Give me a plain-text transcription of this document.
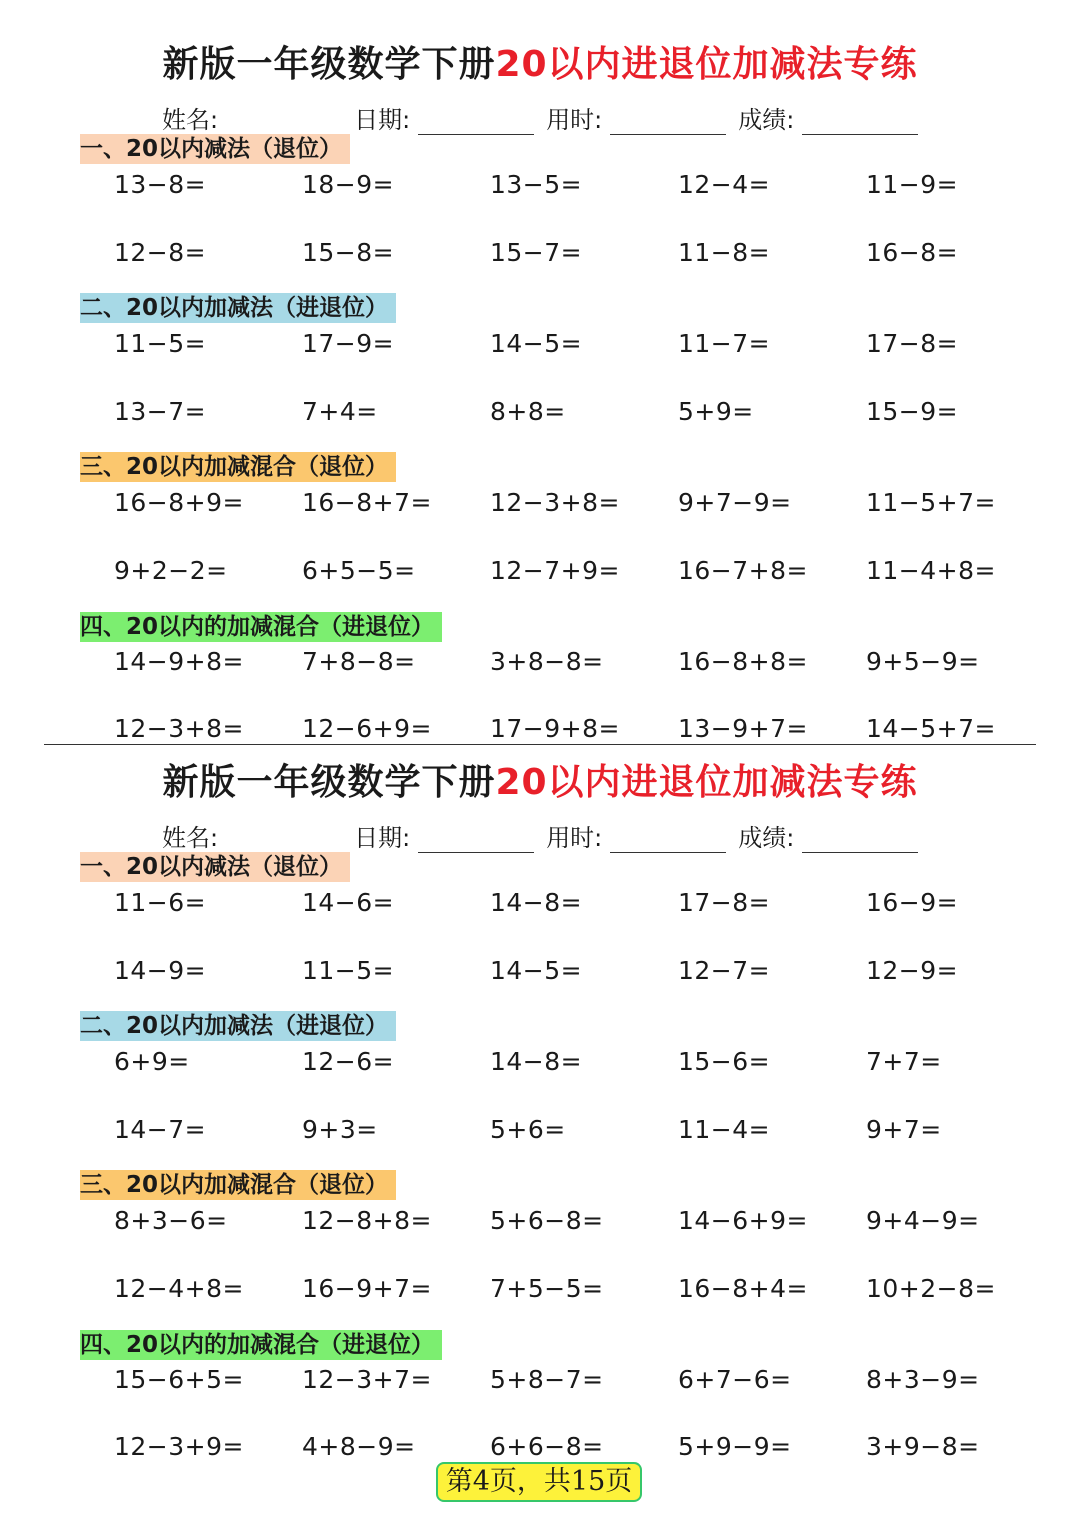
新版一年级数学下册20以内进退位加减法专练
姓名:	日期:	用时:	成绩:
一、20以内减法（退位）
13−8=	18−9=	13−5=	12−4=	11−9=
12−8=	15−8=	15−7=	11−8=	16−8=
二、20以内加减法（进退位）
11−5=	17−9=	14−5=	11−7=	17−8=
13−7=	7+4=	8+8=	5+9=	15−9=
三、20以内加减混合（退位）
16−8+9= 16−8+7= 12−3+8= 9+7−9=	11−5+7=
9+2−2=	6+5−5=	12−7+9= 16−7+8= 11−4+8=
四、20以内的加减混合（进退位）
14−9+8= 7+8−8=	3+8−8=	16−8+8= 9+5−9=
12−3+8= 12−6+9= 17−9+8= 13−9+7= 14−5+7=
新版一年级数学下册20以内进退位加减法专练
姓名:	日期:	用时:	成绩:
一、20以内减法（退位）
11−6=	14−6=	14−8=	17−8=	16−9=
14−9=	11−5=	14−5=	12−7=	12−9=
二、20以内加减法（进退位）
6+9=	12−6=	14−8=	15−6=	7+7=
14−7=	9+3=	5+6=	11−4=	9+7=
三、20以内加减混合（退位）
8+3−6=	12−8+8= 5+6−8=	14−6+9= 9+4−9=
12−4+8= 16−9+7= 7+5−5=	16−8+4= 10+2−8=
四、20以内的加减混合（进退位）
15−6+5= 12−3+7= 5+8−7=	6+7−6=	8+3−9=
12−3+9= 4+8−9=	6+6−8=	5+9−9=	3+9−8=
第4页，共15页
